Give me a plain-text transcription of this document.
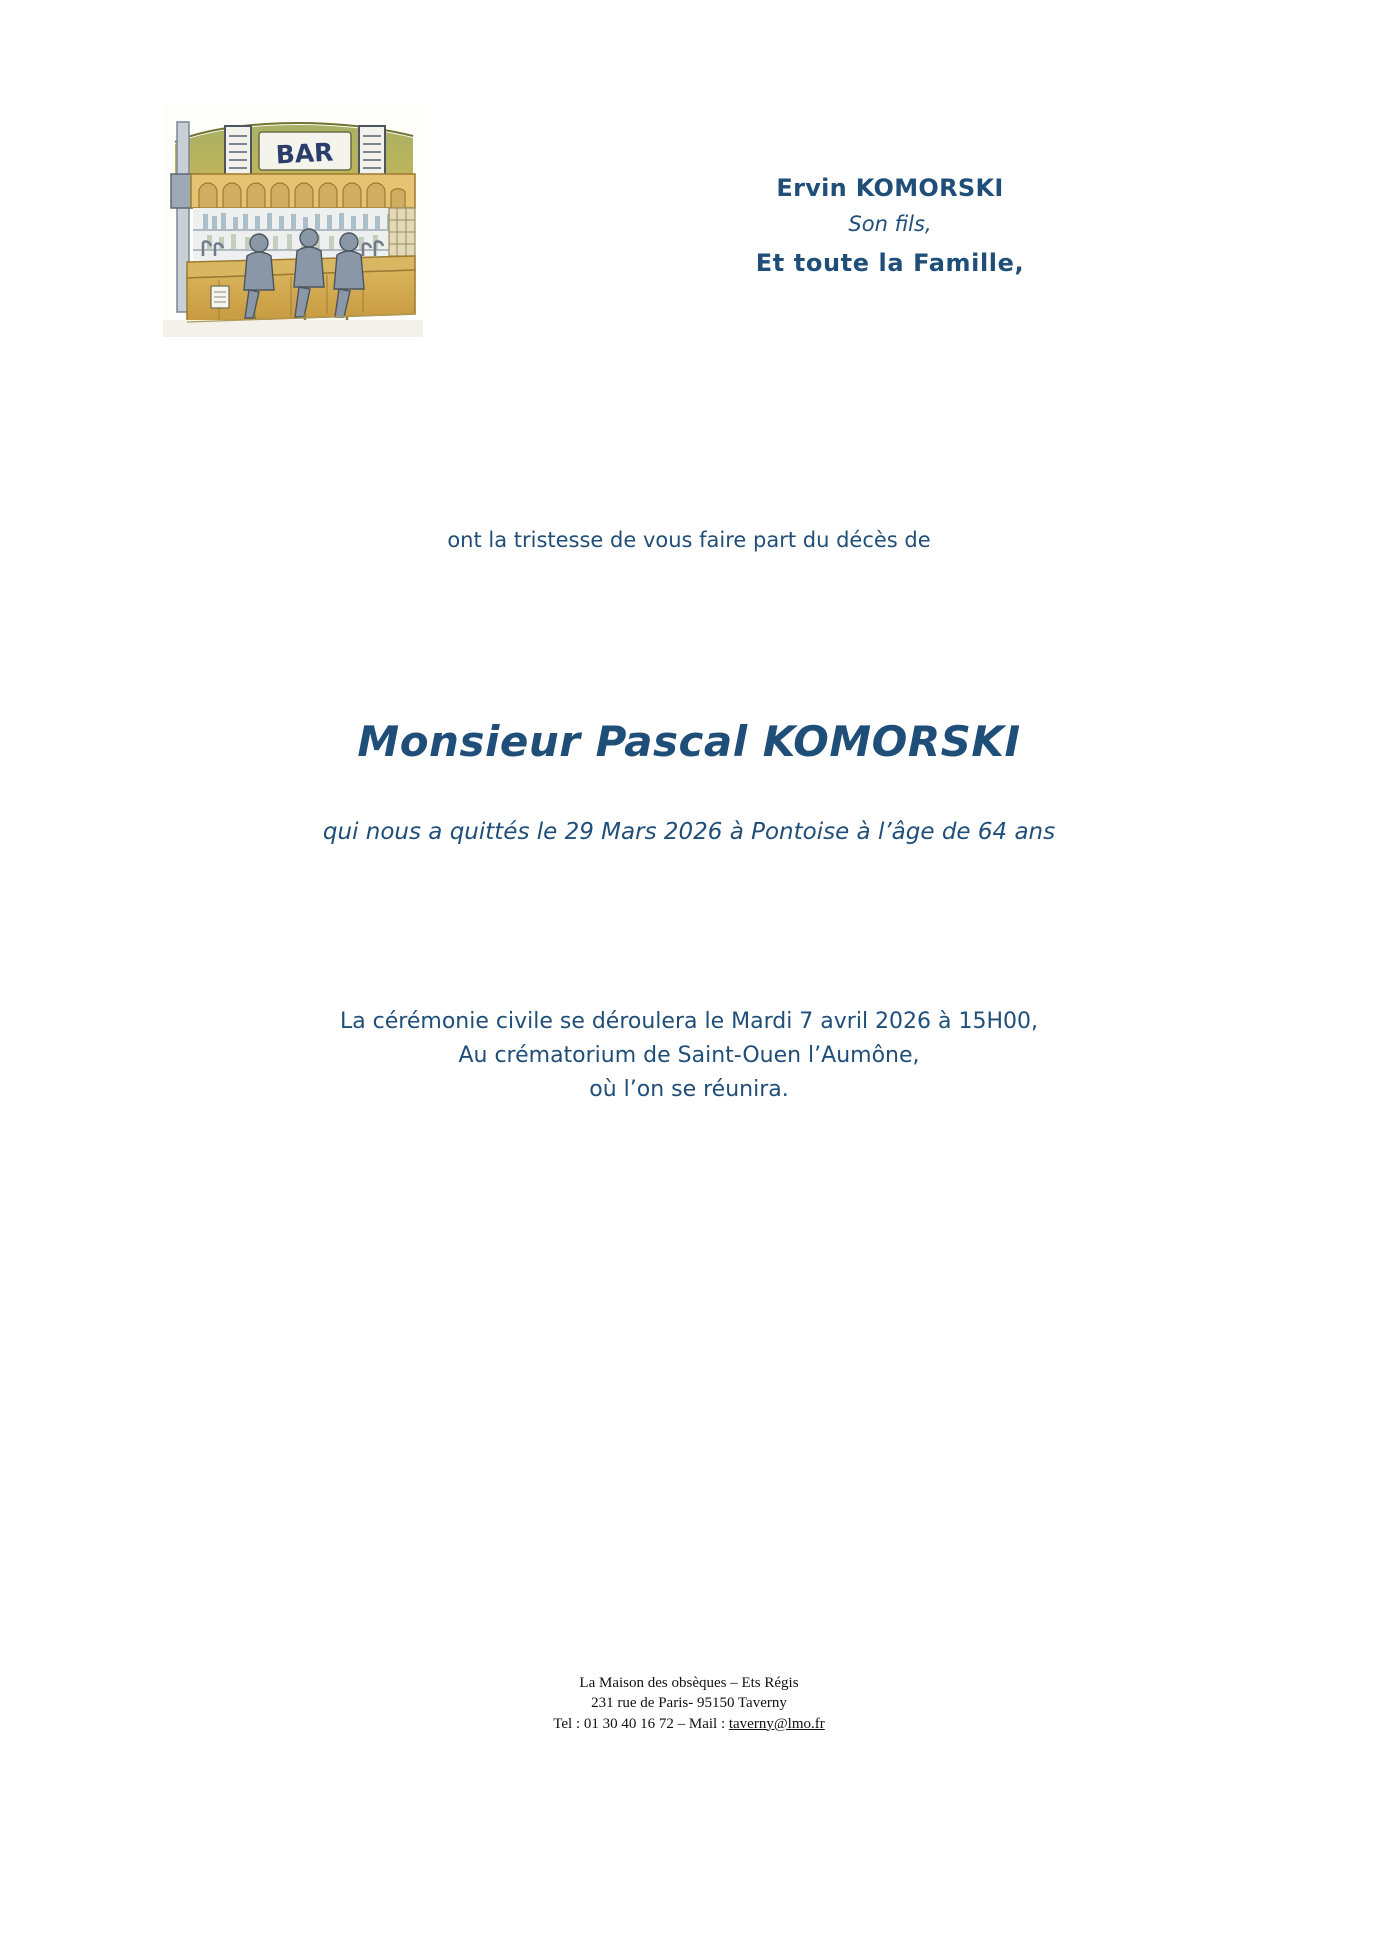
BAR
Ervin KOMORSKI
Son fils,
Et toute la Famille,
ont la tristesse de vous faire part du décès de
Monsieur Pascal KOMORSKI
qui nous a quittés le 29 Mars 2026 à Pontoise à l’âge de 64 ans
La cérémonie civile se déroulera le Mardi 7 avril 2026 à 15H00,
Au crématorium de Saint-Ouen l’Aumône,
où l’on se réunira.
La Maison des obsèques – Ets Régis
231 rue de Paris- 95150 Taverny
Tel : 01 30 40 16 72 – Mail : taverny@lmo.fr
